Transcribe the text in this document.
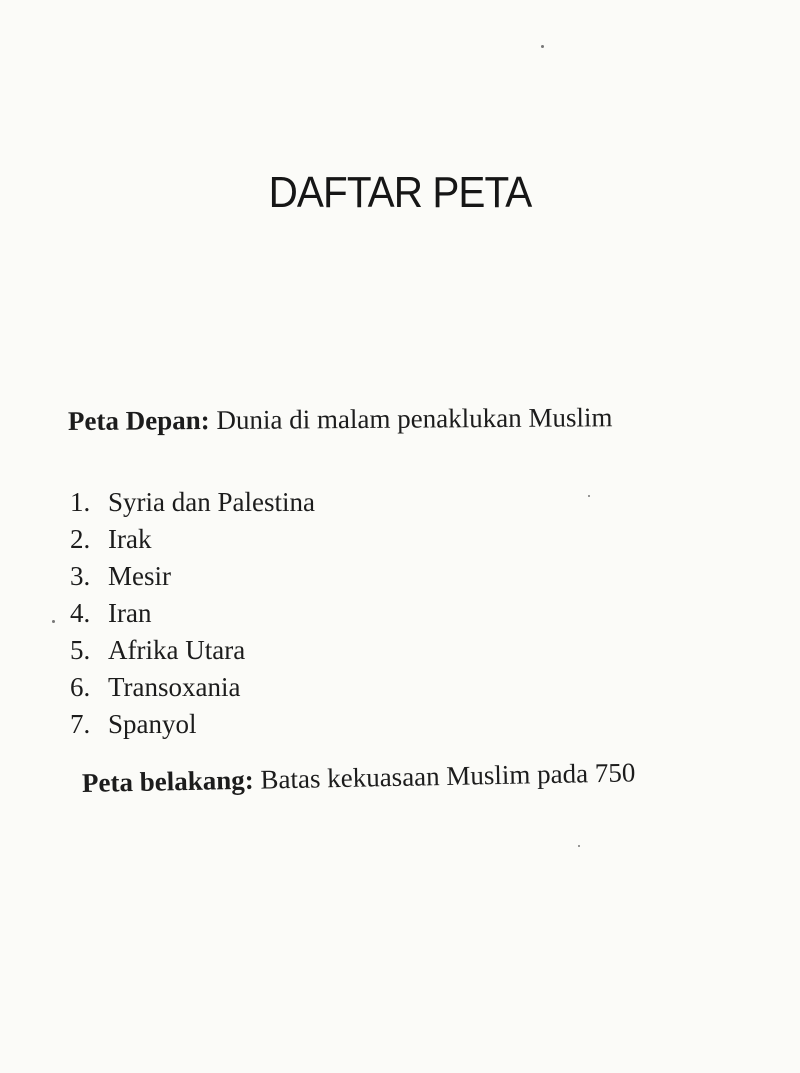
DAFTAR PETA
Peta Depan: Dunia di malam penaklukan Muslim
1. Syria dan Palestina
2. Irak
3. Mesir
4. Iran
5. Afrika Utara
6. Transoxania
7. Spanyol
Peta belakang: Batas kekuasaan Muslim pada 750
